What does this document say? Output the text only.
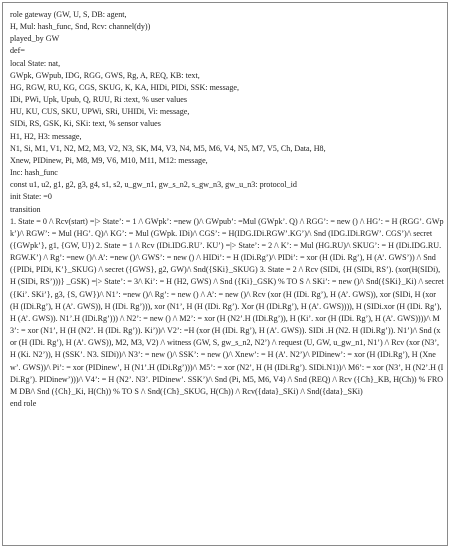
role gateway (GW, U, S, DB: agent,
H, Mul: hash_func, Snd, Rcv: channel(dy))
played_by GW
def=
local State: nat,
GWpk, GWpub, IDG, RGG, GWS, Rg, A, REQ, KB: text,
HG, RGW, RU, KG, CGS, SKUG, K, KA, HIDi, PIDi, SSK: message,
IDi, PWi, Upk, Upub, Q, RUU, Ri :text, % user values
HU, KU, CUS, SKU, UPWi, SRi, UHIDi, Vi: message,
SIDi, RS, GSK, Ki, SKi: text, % sensor values
H1, H2, H3: message,
N1, Si, M1, V1, N2, M2, M3, V2, N3, SK, M4, V3, N4, M5, M6, V4, N5, M7, V5, Ch, Data, H8,
Xnew, PIDinew, Pi, M8, M9, V6, M10, M11, M12: message,
Inc: hash_func
const u1, u2, g1, g2, g3, g4, s1, s2, u_gw_n1, gw_s_n2, s_gw_n3, gw_u_n3: protocol_id
init State: =0
transition
1. State = 0 /\ Rcv(start) =|> State’: = 1 /\ GWpk’: =new ()/\ GWpub’: =Mul (GWpk’. Q) /\ RGG’: = new () /\ HG’: = H (RGG’. GWpk’)/\ RGW’: = Mul (HG’. Q)/\ KG’: = Mul (GWpk. IDi)/\ CGS’: = H(IDG.IDi.RGW’.KG’)/\ Snd (IDG.IDi.RGW’. CGS’)/\ secret({GWpk’}, g1, {GW, U}) 2. State = 1 /\ Rcv (IDi.IDG.RU’. KU’) =|> State’: = 2 /\ K’: = Mul (HG.RU)/\ SKUG’: = H (IDi.IDG.RU.RGW.K’) /\ Rg’: =new ()/\ A’: =new ()/\ GWS’: = new () /\ HIDi’: = H (IDi.Rg’)/\ PIDi’: = xor (H (IDi. Rg’), H (A’. GWS’)) /\ Snd ({PIDi, PIDi, K’}_SKUG) /\ secret ({GWS}, g2, GW)/\ Snd({SKi}_SKUG) 3. State = 2 /\ Rcv (SIDi, {H (SIDi, RS’). (xor(H(SIDi), H (SIDi, RS’)))} _GSK) =|> State’: = 3/\ Ki’: = H (H2, GWS) /\ Snd ({Ki}_GSK) % TO S /\ SKi’: = new ()/\ Snd({SKi}_Ki) /\ secret ({Ki’. SKi’}, g3, {S, GW})/\ N1’: =new ()/\ Rg’: = new () /\ A’: = new ()/\ Rcv (xor (H (IDi. Rg’), H (A’. GWS)), xor (SIDi, H (xor (H (IDi.Rg’), H (A’. GWS)), H (IDi. Rg’))), xor (N1’, H (H (IDi. Rg’). Xor (H (IDi.Rg’), H (A’. GWS)))), H (SIDi.xor (H (IDi. Rg’), H (A’. GWS)). N1’.H (IDi.Rg’))) /\ N2’: = new () /\ M2’: = xor (H (N2’.H (IDi.Rg’)), H (Ki’. xor (H (IDi. Rg’), H (A’. GWS))))/\ M3’: = xor (N1’, H (H (N2’. H (IDi. Rg’)). Ki’))/\ V2’: =H (xor (H (IDi. Rg’), H (A’. GWS)). SIDi .H (N2. H (IDi.Rg’)). N1’)/\ Snd (xor (H (IDi. Rg’), H (A’. GWS)), M2, M3, V2) /\ witness (GW, S, gw_s_n2, N2’) /\ request (U, GW, u_gw_n1, N1’) /\ Rcv (xor (N3’, H (Ki. N2’)), H (SSK’. N3. SIDi))/\ N3’: = new ()/\ SSK’: = new ()/\ Xnew’: = H (A’. N2’)/\ PIDinew’: = xor (H (IDi.Rg’), H (Xnew’. GWS))/\ Pi’: = xor (PIDinew’, H (N1’.H (IDi.Rg’)))/\ M5’: = xor (N2’, H (H (IDi.Rg’). SIDi.N1))/\ M6’: = xor (N3’, H (N2’.H (IDi.Rg’). PIDinew’)))/\ V4’: = H (N2’. N3’. PIDinew’. SSK’)/\ Snd (Pi, M5, M6, V4) /\ Snd (REQ) /\ Rcv ({Ch}_KB, H(Ch)) % FROM DB/\ Snd ({Ch}_Ki, H(Ch)) % TO S /\ Snd({Ch}_SKUG, H(Ch)) /\ Rcv({data}_SKi) /\ Snd({data}_SKi)
end role
